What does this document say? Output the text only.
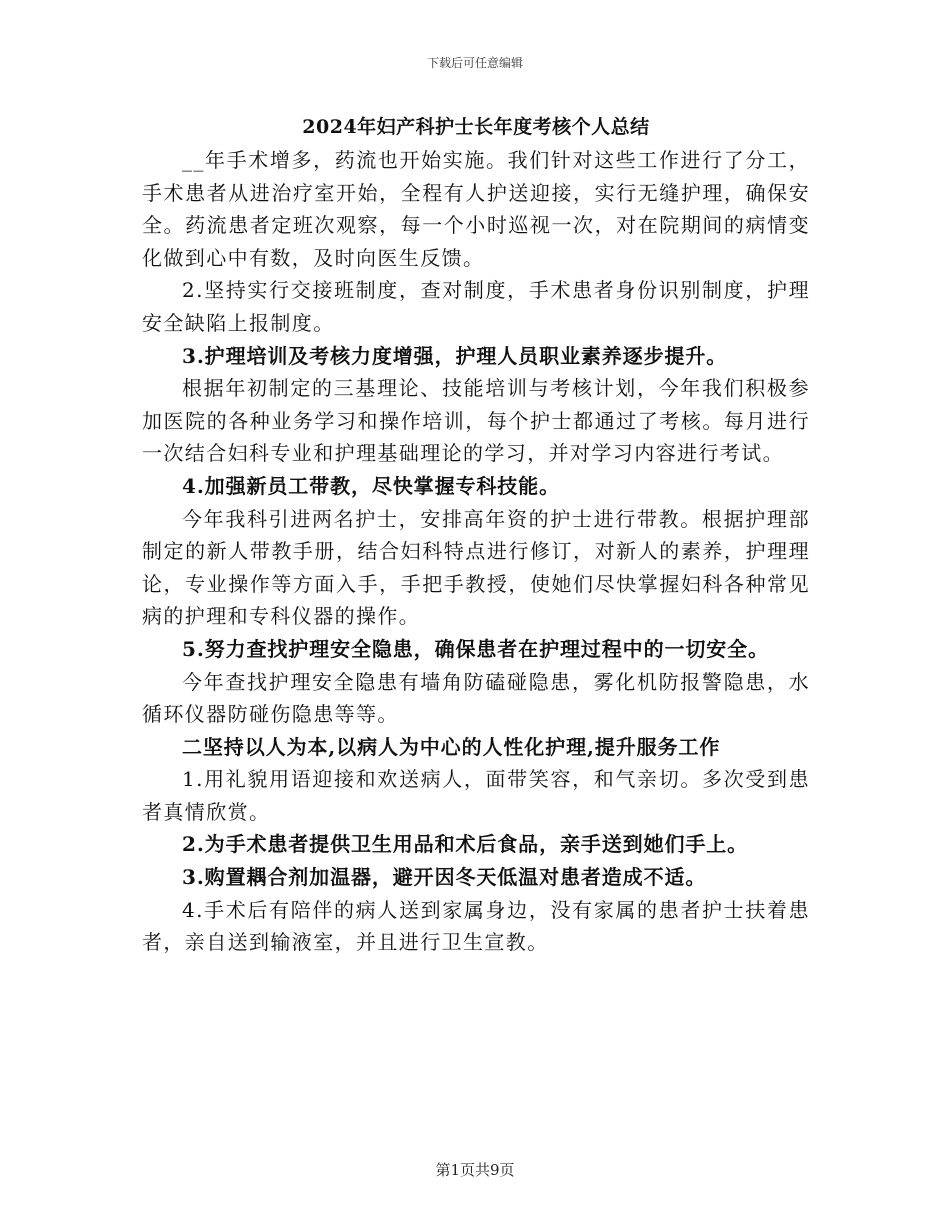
下载后可任意编辑
2024年妇产科护士长年度考核个人总结

__年手术增多，药流也开始实施。我们针对这些工作进行了分工，手术患者从进治疗室开始，全程有人护送迎接，实行无缝护理，确保安全。药流患者定班次观察，每一个小时巡视一次，对在院期间的病情变化做到心中有数，及时向医生反馈。

2.坚持实行交接班制度，查对制度，手术患者身份识别制度，护理安全缺陷上报制度。

3.护理培训及考核力度增强，护理人员职业素养逐步提升。

根据年初制定的三基理论、技能培训与考核计划，今年我们积极参加医院的各种业务学习和操作培训，每个护士都通过了考核。每月进行一次结合妇科专业和护理基础理论的学习，并对学习内容进行考试。

4.加强新员工带教，尽快掌握专科技能。

今年我科引进两名护士，安排高年资的护士进行带教。根据护理部制定的新人带教手册，结合妇科特点进行修订，对新人的素养，护理理论，专业操作等方面入手，手把手教授，使她们尽快掌握妇科各种常见病的护理和专科仪器的操作。

5.努力查找护理安全隐患，确保患者在护理过程中的一切安全。

今年查找护理安全隐患有墙角防磕碰隐患，雾化机防报警隐患，水循环仪器防碰伤隐患等等。

二坚持以人为本,以病人为中心的人性化护理,提升服务工作

1.用礼貌用语迎接和欢送病人，面带笑容，和气亲切。多次受到患者真情欣赏。

2.为手术患者提供卫生用品和术后食品，亲手送到她们手上。

3.购置耦合剂加温器，避开因冬天低温对患者造成不适。

4.手术后有陪伴的病人送到家属身边，没有家属的患者护士扶着患者，亲自送到输液室，并且进行卫生宣教。

第1页共9页
